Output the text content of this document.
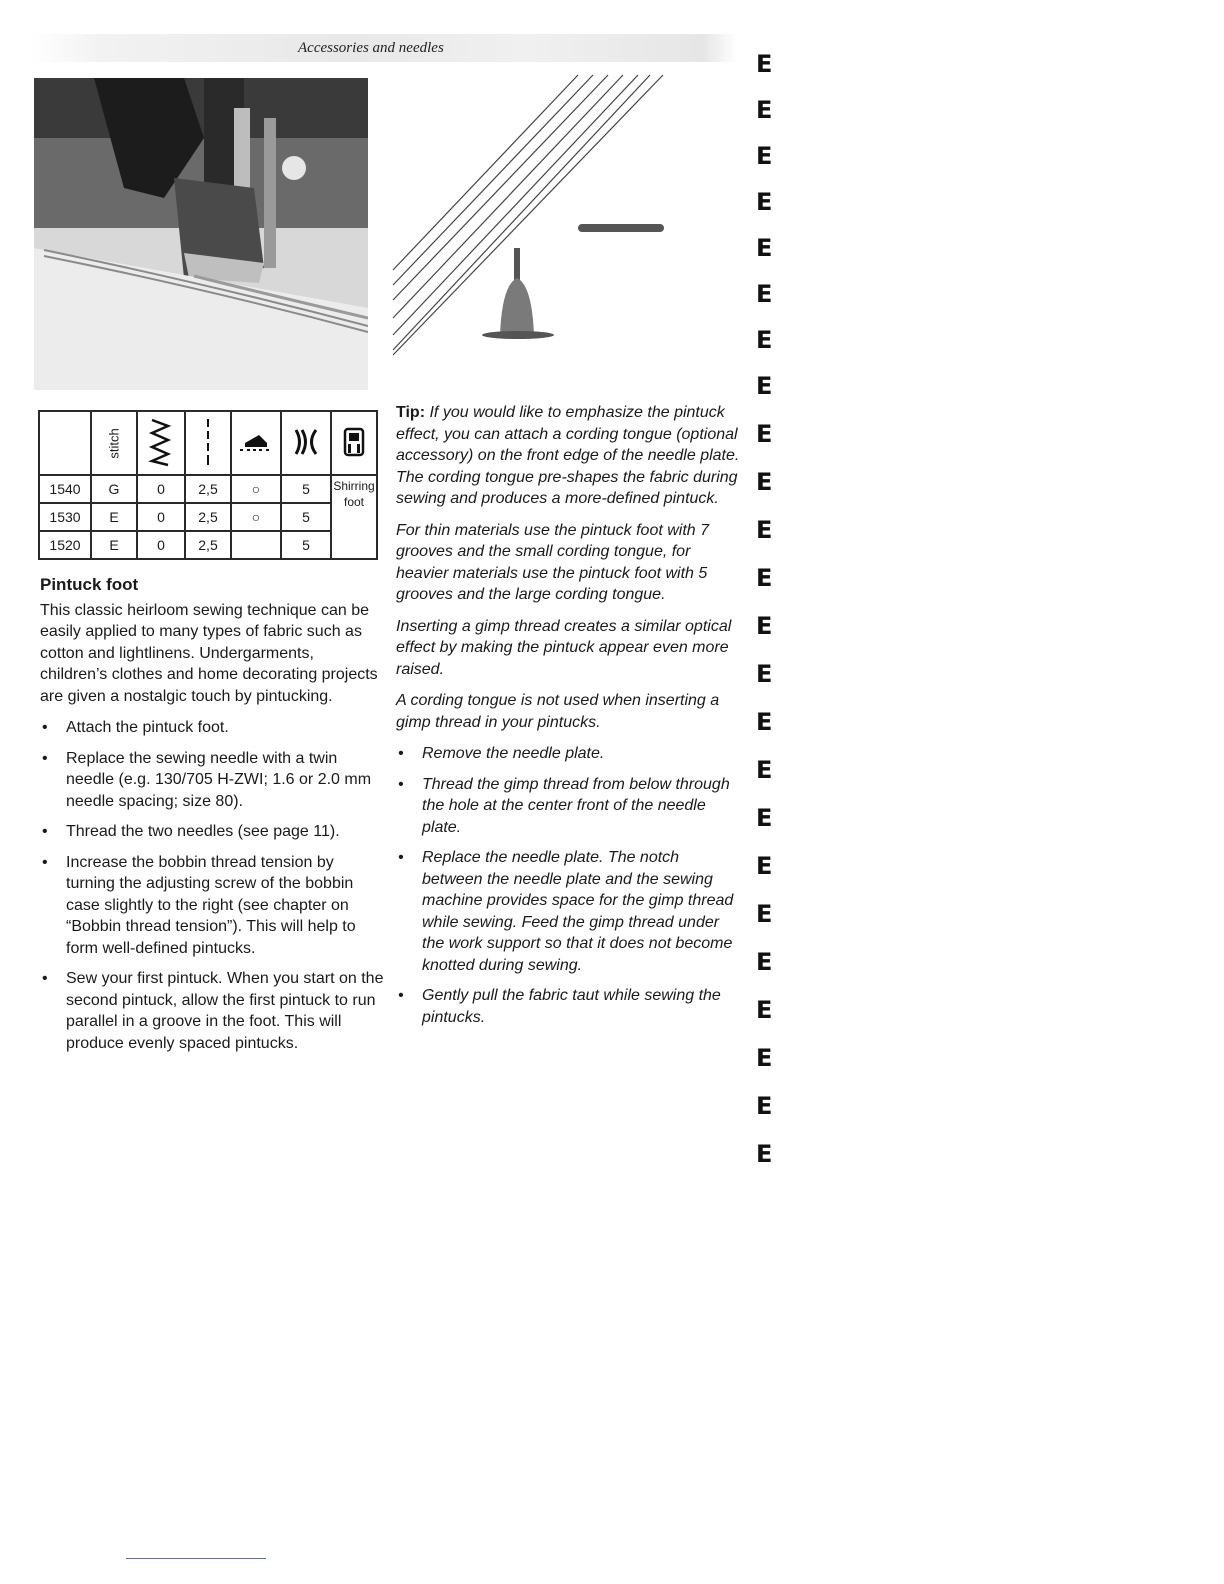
Accessories and needles
	stitch					
1540	G	0	2,5	○	5	Shirring foot
1530	E	0	2,5	○	5	
1520	E	0	2,5		5	
Pintuck foot

This classic heirloom sewing technique can be easily applied to many types of fabric such as cotton and lightlinens. Undergarments, children’s clothes and home decorating projects are given a nostalgic touch by pintucking.

• Attach the pintuck foot.
• Replace the sewing needle with a twin needle (e.g. 130/705 H-ZWI; 1.6 or 2.0 mm needle spacing; size 80).
• Thread the two needles (see page 11).
• Increase the bobbin thread tension by turning the adjusting screw of the bobbin case slightly to the right (see chapter on “Bobbin thread tension”). This will help to form well-defined pintucks.
• Sew your first pintuck. When you start on the second pintuck, allow the first pintuck to run parallel in a groove in the foot. This will produce evenly spaced pintucks.

Tip: If you would like to emphasize the pintuck effect, you can attach a cording tongue (optional accessory) on the front edge of the needle plate. The cording tongue pre-shapes the fabric during sewing and produces a more-defined pintuck.

For thin materials use the pintuck foot with 7 grooves and the small cording tongue, for heavier materials use the pintuck foot with 5 grooves and the large cording tongue.

Inserting a gimp thread creates a similar optical effect by making the pintuck appear even more raised.

A cording tongue is not used when inserting a gimp thread in your pintucks.

• Remove the needle plate.
• Thread the gimp thread from below through the hole at the center front of the needle plate.
• Replace the needle plate. The notch between the needle plate and the sewing machine provides space for the gimp thread while sewing. Feed the gimp thread under the work support so that it does not become knotted during sewing.
• Gently pull the fabric taut while sewing the pintucks.
E
E
E
E
E
E
E
E
E
E
E
E
E
E
E
E
E
E
E
E
E
E
E
E
